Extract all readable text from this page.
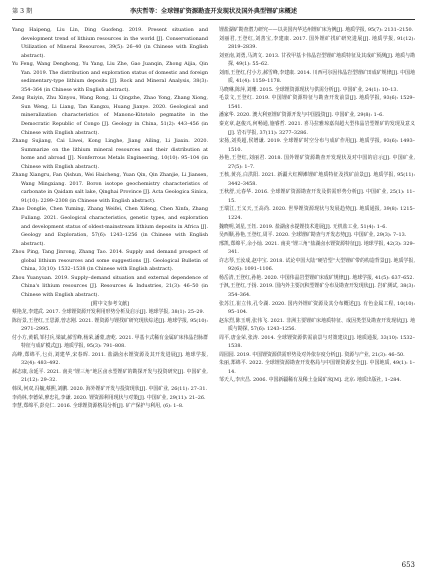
第 3 期	李庆哲等：全球锂矿资源勘查开发现状及国外典型锂矿床概述

Yang Haipeng, Liu Lin, Ding Guofeng. 2019. Present situation and development trend of lithium resources in the world [J]. Conservationand Utilization of Mineral Resources, 39(5): 26–40 (in Chinese with English abstract).

Yu Feng, Wang Denghong, Yu Yang, Liu Zhe, Gao Juanqin, Zhong Aijia, Qin Yan. 2019. The distribution and exploration status of domestic and foreign sedimentary-type lithium deposits [J]. Rock and Mineral Analysis, 38(3): 354–364 (in Chinese with English abstract).

Zeng Ruiyin, Zhu Xinyou, Wang Rong, Li Qingzhe, Zhao Yong, Zhang Xiong, Sun Weng, Li Liang, Tan Kangxu, Huang Jianye. 2020. Geological and mineralization characteristics of Manono-Kitotolo pegmatite in the Democratic Republic of Congo [J]. Geology in China, 51(2): 443–456 (in Chinese with English abstract).

Zhang Sujiang, Cai Liwei, Kong Linghe, Jiang Ailing, Li Jiaxin. 2020. Summarize on the lithium mineral resources and their distribution at home and abroad [J]. Nonferrous Metals Engineering, 10(10): 95–104 (in Chinese with English abstract).

Zhang Xiangru, Fan Qishun, Wei Haicheng, Yuan Qin, Qin Zhanjie, Li Jiansen, Wang Mingxiang. 2017. Boron isotope geochemistry characteristics of carbonate in Qaidam salt lake, Qinghai Province [J]. Acta Geologica Sinica, 91(10): 2299–2308 (in Chinese with English abstract).

Zhao Donglie, Chen Yuming, Zhang Weifei, Chen Xifeng, Chen Xinfa, Zhang Fuliang. 2021. Geological characteristics, genetic types, and exploration and development status of oldest-mainstream lithium deposits in Africa [J]. Geology and Exploration, 57(6): 1243–1256 (in Chinese with English abstract).

Zhou Ping, Tang Jinrong, Zhang Tao. 2014. Supply and demand prospect of global lithium resources and some suggestions [J]. Geological Bulletin of China, 33(10): 1532–1538 (in Chinese with English abstract).

Zhou Yuanyuan. 2019. Supply–demand situation and external dependence of China's lithium resources [J]. Resources & Industries, 21(3): 46–50 (in Chinese with English abstract).

[附中文参考文献]

蔡艳龙,李建武. 2017. 全球锂资源开发利用形势分析及启示[J]. 地球学报, 38(1): 25–29.

陈衍景,王登红,王思源,曾志刚. 2021. 锂资源与锂找矿研究现状综述[J]. 地球学报, 95(10): 2971–2995.

付小方,黄韬,邹付兵,梁斌,郝雪峰,杨荣,潘蒙,唐屹. 2021. 甲基卡式稀有金属矿床伟晶岩脉群特征与成矿模式[J]. 地质学报, 95(3): 791–808.

高峰,郑绵平,乜贞,刘建华,宋春晖. 2011. 盐湖卤水锂资源及其开发进展[J]. 地球学报, 32(4): 483–492.

郝志康,余延平. 2021. 南美“锂三角”地区卤水型锂矿的勘探开发与投资研究[J]. 中国矿业, 21(12): 29–32.

韩凤,何双,冯毓,蔡熙,刘鹏. 2020. 海外锂矿开发与投资现状[J]. 中国矿业, 26(11): 27–31.

李尚林,李德荣,廖忠礼,李谦. 2020. 锂资源利用现状与对策[J]. 中国矿业, 29(11): 21–26.

李慧,郑绵平,彭克仁. 2016. 全球锂资源格局分析[J]. 矿产保护与利用, (6): 1–8.

锂盐湖矿勘查潜力研究——以美国内华达州锂矿床为例[J]. 地质学报, 95(7): 2131–2150.

刘丽君,王登红,刘善宝,李建康. 2017. 国外锂矿找矿研究进展[J]. 地质学报, 91(12): 2819–2839.

刘亚南,刘勇,马鸿文. 2013. 甘孜甲基卡伟晶岩型锂矿地质特征及其成矿预测[J]. 地质与勘探, 49(1): 55–62.

刘雨,王登红,付小方,郝雪峰,李建康. 2014. 川西可尔因伟晶岩型锂矿田成矿规律[J]. 中国地质, 41(4): 1159–1178.

马晓琳,陈萍,刘珊. 2015. 全球锂资源现状与供需分析[J]. 中国矿业, 24(1): 10–13.

毛景文,王登红. 2019. 中国锂矿资源特征与勘查开发前景[J]. 地质学报, 93(6): 1529–1541.

潘家华. 2020. 澳大利亚锂矿资源开发与中国投资[J]. 中国矿业, 29(8): 1–6.

秦克章,赵俊兴,何畅通,施睿哲. 2021. 喜马拉雅琼嘉岗超大型伟晶岩型锂矿的发现及意义[J]. 岩石学报, 37(11): 3277–3286.

宋扬,刘英超,侯增谦. 2019. 全球锂矿时空分布与成矿作用[J]. 地质学报, 93(6): 1493–1510.

孙艳,王登红,刘丽君. 2018. 国外锂矿资源勘查开发现状及对中国的启示[J]. 中国矿业, 27(5): 1–7.

王核,黄亮,白洪阳. 2021. 新疆大红柳滩锂矿地质特征及找矿前景[J]. 地质学报, 95(11): 3442–3458.

王秋舒,元春华. 2016. 全球锂矿资源勘查开发及供需形势分析[J]. 中国矿业, 25(1): 11–15.

王瑞江,王义天,王高尚. 2020. 世界锂资源现状与发展趋势[J]. 地质通报, 39(8): 1215–1224.

魏晓明,刘星,王钰. 2019. 盐湖卤水提锂技术进展[J]. 无机盐工业, 51(4): 1–6.

吴西顺,孙艳,王登红,周平. 2020. 全球锂矿勘查与开发态势[J]. 中国矿业, 29(3): 7–13.

邢凯,郑绵平,余小灿. 2021. 南美“锂三角”盐湖卤水锂资源特征[J]. 地球学报, 42(3): 329–341.

许志琴,王汝成,赵中宝. 2018. 试论中国大陆“硬岩型”大型锂矿带的构造背景[J]. 地质学报, 92(6): 1091–1106.

杨岳清,王登红,孙艳. 2020. 中国伟晶岩型锂矿床成矿规律[J]. 地球学报, 41(5): 637–652.

于沨,王登红,于扬. 2019. 国内外主要沉积型锂矿分布及勘查开发现状[J]. 岩矿测试, 38(3): 354–364.

张苏江,崔立伟,孔令湖. 2020. 国内外锂矿资源及其分布概述[J]. 有色金属工程, 10(10): 95–104.

赵东烈,陈玉明,张伟飞. 2021. 非洲主要锂矿床地质特征、成因类型及勘查开发现状[J]. 地质与勘探, 57(6): 1243–1256.

周平,唐金荣,张涛. 2014. 全球锂资源供需前景与对策建议[J]. 地质通报, 33(10): 1532–1538.

周园园. 2019. 中国锂资源供需形势及对外依存度分析[J]. 资源与产业, 21(3): 46–50.

朱丽,郑绵平. 2022. 全球锂资源勘查开发格局与中国锂资源安全[J]. 中国地质, 49(1): 1–14.

邹天人,李庆昌. 2006. 中国新疆稀有及稀土金属矿床[M]. 北京: 地质出版社, 1–284.

653
